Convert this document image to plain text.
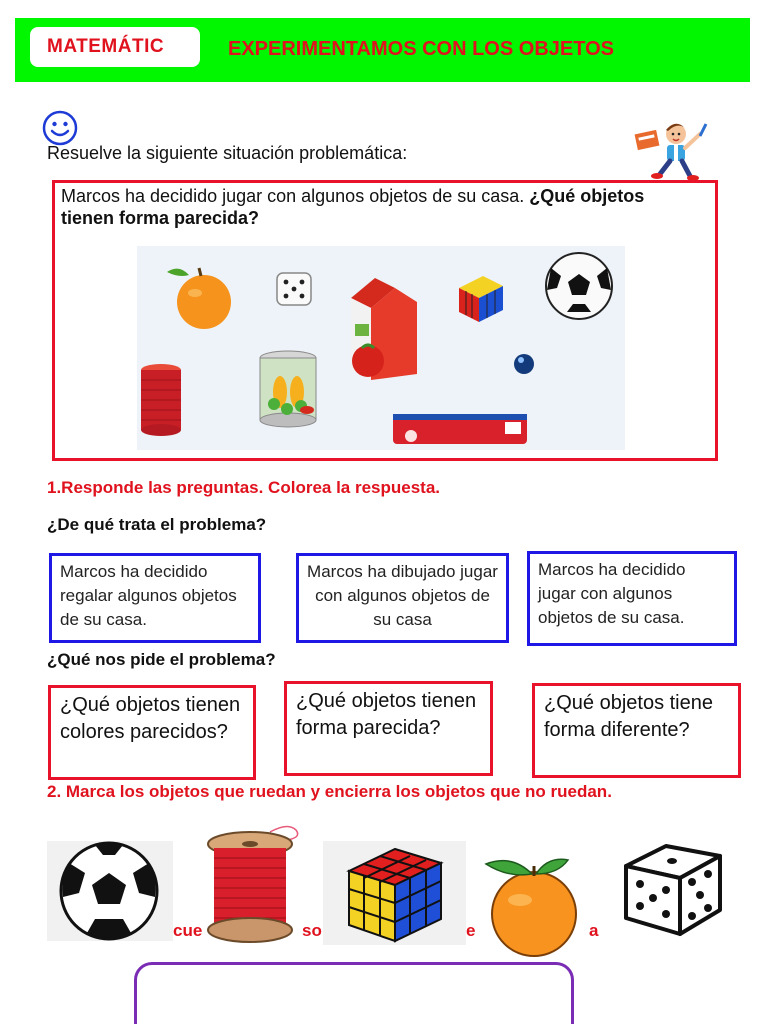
MATEMÁTIC	EXPERIMENTAMOS CON LOS OBJETOS
Resuelve la siguiente situación problemática:
Marcos ha decidido jugar con algunos objetos de su casa. ¿Qué objetos tienen forma parecida?
1.Responde las preguntas. Colorea la respuesta.
¿De qué trata el problema?
Marcos ha decidido regalar algunos objetos de su casa.
Marcos ha dibujado jugar con algunos objetos de su casa
Marcos ha decidido jugar con algunos objetos de su casa.
¿Qué nos pide el problema?
¿Qué objetos tienen colores parecidos?
¿Qué objetos tienen forma parecida?
¿Qué objetos tiene forma diferente?
2. Marca los objetos que ruedan y encierra los objetos que no ruedan.
cue	so	e	a
